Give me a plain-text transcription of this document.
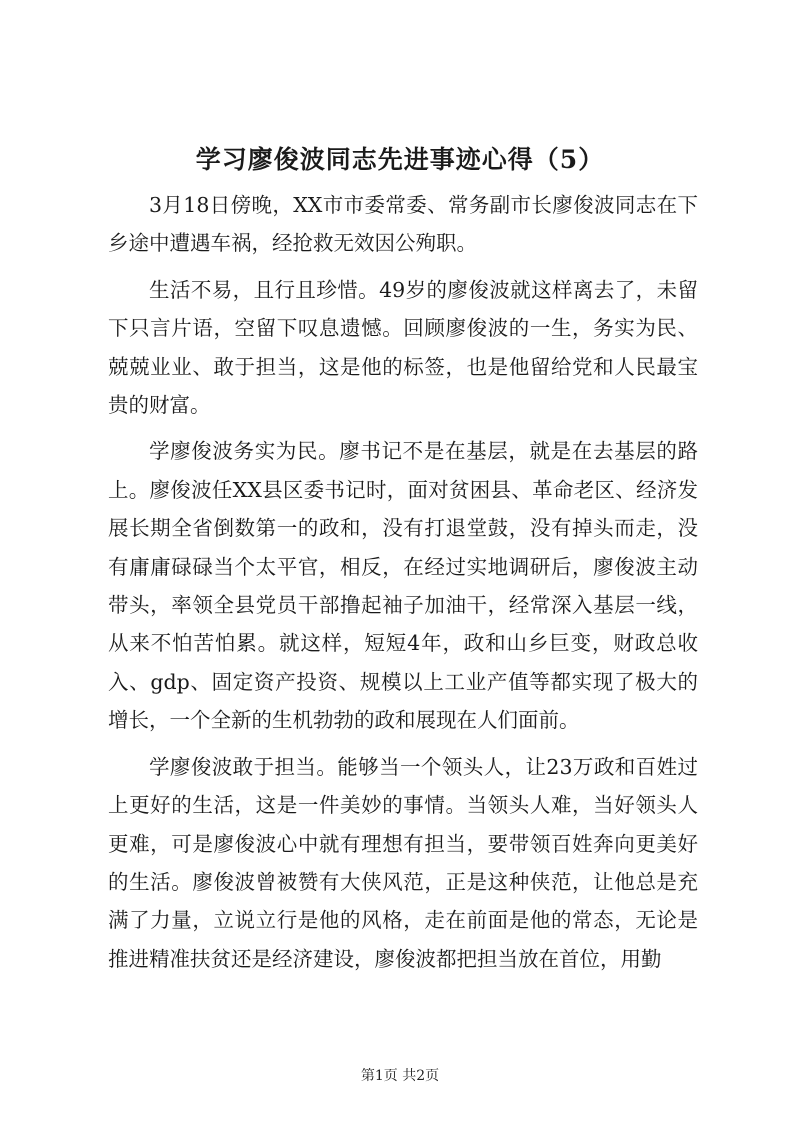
学习廖俊波同志先进事迹心得（5）

3月18日傍晚，XX市市委常委、常务副市长廖俊波同志在下乡途中遭遇车祸，经抢救无效因公殉职。

生活不易，且行且珍惜。49岁的廖俊波就这样离去了，未留下只言片语，空留下叹息遗憾。回顾廖俊波的一生，务实为民、兢兢业业、敢于担当，这是他的标签，也是他留给党和人民最宝贵的财富。

学廖俊波务实为民。廖书记不是在基层，就是在去基层的路上。廖俊波任XX县区委书记时，面对贫困县、革命老区、经济发展长期全省倒数第一的政和，没有打退堂鼓，没有掉头而走，没有庸庸碌碌当个太平官，相反，在经过实地调研后，廖俊波主动带头，率领全县党员干部撸起袖子加油干，经常深入基层一线，从来不怕苦怕累。就这样，短短4年，政和山乡巨变，财政总收入、gdp、固定资产投资、规模以上工业产值等都实现了极大的增长，一个全新的生机勃勃的政和展现在人们面前。

学廖俊波敢于担当。能够当一个领头人，让23万政和百姓过上更好的生活，这是一件美妙的事情。当领头人难，当好领头人更难，可是廖俊波心中就有理想有担当，要带领百姓奔向更美好的生活。廖俊波曾被赞有大侠风范，正是这种侠范，让他总是充满了力量，立说立行是他的风格，走在前面是他的常态，无论是推进精准扶贫还是经济建设，廖俊波都把担当放在首位，用勤

第1页 共2页
